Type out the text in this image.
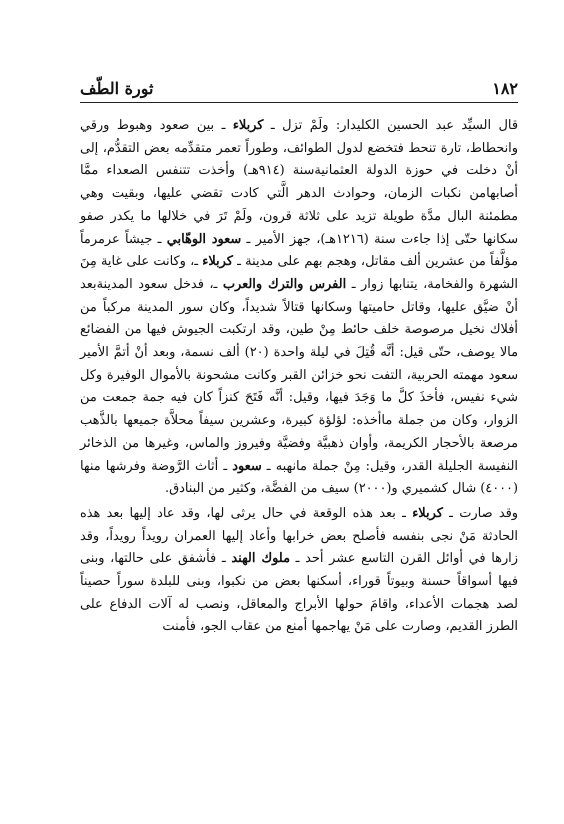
١٨٢
ثورة الطّف

قال السيِّد عبد الحسين الكليدار: ولَمْ تزل ـ كربلاء ـ بين صعود وهبوط ورقي وانحطاط، تارة تنحط فتخضع لدول الطوائف، وطوراً تعمر متقدِّمه بعض التقدُّم، إلى أنْ دخلت في حوزة الدولة العثمانيةسنة (٩١٤هـ) وأخذت تتنفس الصعداء ممَّا أصابهامن نكبات الزمان، وحوادث الدهر الَّتي كادت تقضي عليها، وبقيت وهي مطمئنة البال مدَّة طويلة تزيد على ثلاثة قرون، ولَمْ تَرَ في خلالها ما يكدر صفو سكانها حتّى إذا جاءت سنة (١٢١٦هـ)، جهز الأمير ـ سعود الوهّابي ـ جيشاً عرمرماً مؤلَّفاً من عشرين ألف مقاتل، وهجم بهم على مدينة ـ كربلاء ـ، وكانت على غاية مِنَ الشهرة والفخامة، يتنابها زوار ـ الفرس والترك والعرب ـ، فدخل سعود المدينةبعد أنْ ضيَّق عليها، وقاتل حاميتها وسكانها قتالاً شديداً، وكان سور المدينة مركباً من أفلاك نخيل مرصوصة خلف حائط مِنْ طين، وقد ارتكبت الجيوش فيها من الفضائع مالا يوصف، حتّى قيل: أنَّه قُتِلَ في ليلة واحدة (٢٠) ألف نسمة، وبعد أنْ أتمَّ الأمير سعود مهمته الحربية، التفت نحو خزائن القبر وكانت مشحونة بالأموال الوفيرة وكل شيء نفيس، فأخذَ كلَّ ما وَجَدَ فيها، وقيل: أنَّه فَتَحَ كنزاً كان فيه جمة جمعت من الزوار، وكان من جملة ماأخذه: لؤلؤة كبيرة، وعشرين سيفاً محلاَّة جميعها بالذَّهب مرصعة بالأحجار الكريمة، وأوان ذهبيَّة وفضيَّة وفيروز والماس، وغيرها من الذخائر النفيسة الجليلة القدر، وقيل: مِنْ جملة مانهبه ـ سعود ـ أثاث الرَّوضة وفرشها منها (٤٠٠٠) شال كشميري و(٢٠٠٠) سيف من الفضَّة، وكثير من البنادق.

وقد صارت ـ كربلاء ـ بعد هذه الوقعة في حال يرثى لها، وقد عاد إليها بعد هذه الحادثة مَنْ نجى بنفسه فأصلح بعض خرابها وأعاد إليها العمران رويداً رويداً، وقد زارها في أوائل القرن التاسع عشر أحد ـ ملوك الهند ـ فأشفق على حالتها، وبنى فيها أسواقاً حسنة وبيوتاً قوراء، أسكنها بعض من نكبوا، وبنى للبلدة سوراً حصيناً لصد هجمات الأعداء، واقامَ حولها الأبراج والمعاقل، ونصب له آلات الدفاع على الطرز القديم، وصارت على مَنْ يهاجمها أمنع من عقاب الجو، فأمنت
